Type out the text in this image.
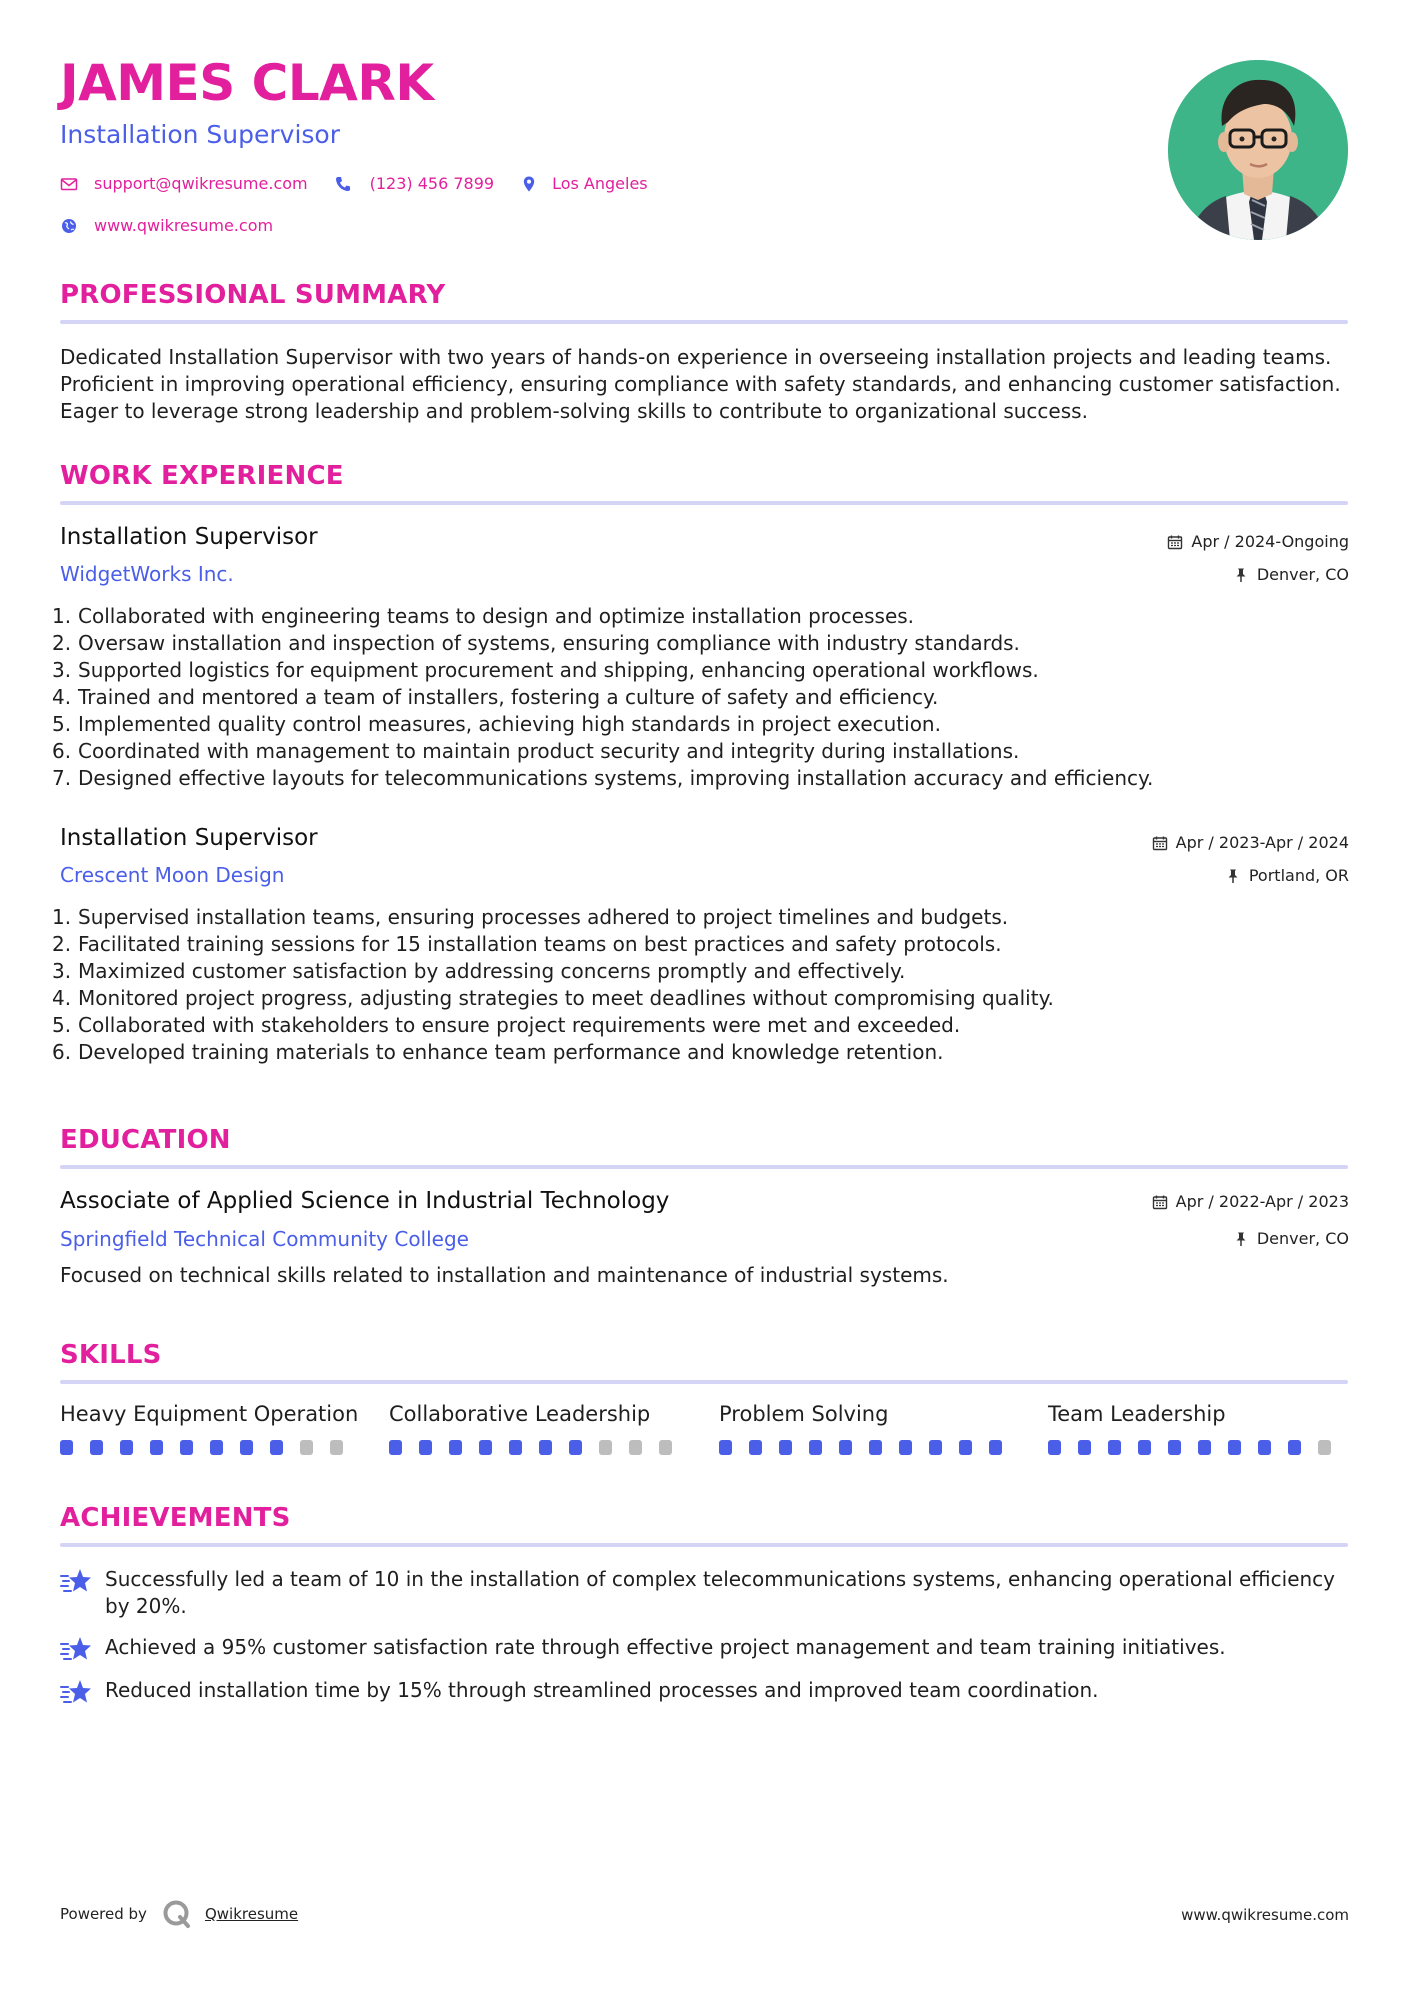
JAMES CLARK
Installation Supervisor
support@qwikresume.com	(123) 456 7899	Los Angeles
www.qwikresume.com
PROFESSIONAL SUMMARY

Dedicated Installation Supervisor with two years of hands-on experience in overseeing installation projects and leading teams. Proficient in improving operational efficiency, ensuring compliance with safety standards, and enhancing customer satisfaction. Eager to leverage strong leadership and problem-solving skills to contribute to organizational success.

WORK EXPERIENCE
Installation Supervisor
WidgetWorks Inc.
Apr / 2024-Ongoing
Denver, CO
1. Collaborated with engineering teams to design and optimize installation processes.
2. Oversaw installation and inspection of systems, ensuring compliance with industry standards.
3. Supported logistics for equipment procurement and shipping, enhancing operational workflows.
4. Trained and mentored a team of installers, fostering a culture of safety and efficiency.
5. Implemented quality control measures, achieving high standards in project execution.
6. Coordinated with management to maintain product security and integrity during installations.
7. Designed effective layouts for telecommunications systems, improving installation accuracy and efficiency.
Installation Supervisor
Crescent Moon Design
Apr / 2023-Apr / 2024
Portland, OR
1. Supervised installation teams, ensuring processes adhered to project timelines and budgets.
2. Facilitated training sessions for 15 installation teams on best practices and safety protocols.
3. Maximized customer satisfaction by addressing concerns promptly and effectively.
4. Monitored project progress, adjusting strategies to meet deadlines without compromising quality.
5. Collaborated with stakeholders to ensure project requirements were met and exceeded.
6. Developed training materials to enhance team performance and knowledge retention.
EDUCATION
Associate of Applied Science in Industrial Technology
Springfield Technical Community College
Apr / 2022-Apr / 2023
Denver, CO

Focused on technical skills related to installation and maintenance of industrial systems.

SKILLS

Heavy Equipment Operation Collaborative Leadership	Problem Solving	Team Leadership

ACHIEVEMENTS
Successfully led a team of 10 in the installation of complex telecommunications systems, enhancing operational efficiency by 20%.
Achieved a 95% customer satisfaction rate through effective project management and team training initiatives.
Reduced installation time by 15% through streamlined processes and improved team coordination.
Powered by	Qwikresume	www.qwikresume.com
